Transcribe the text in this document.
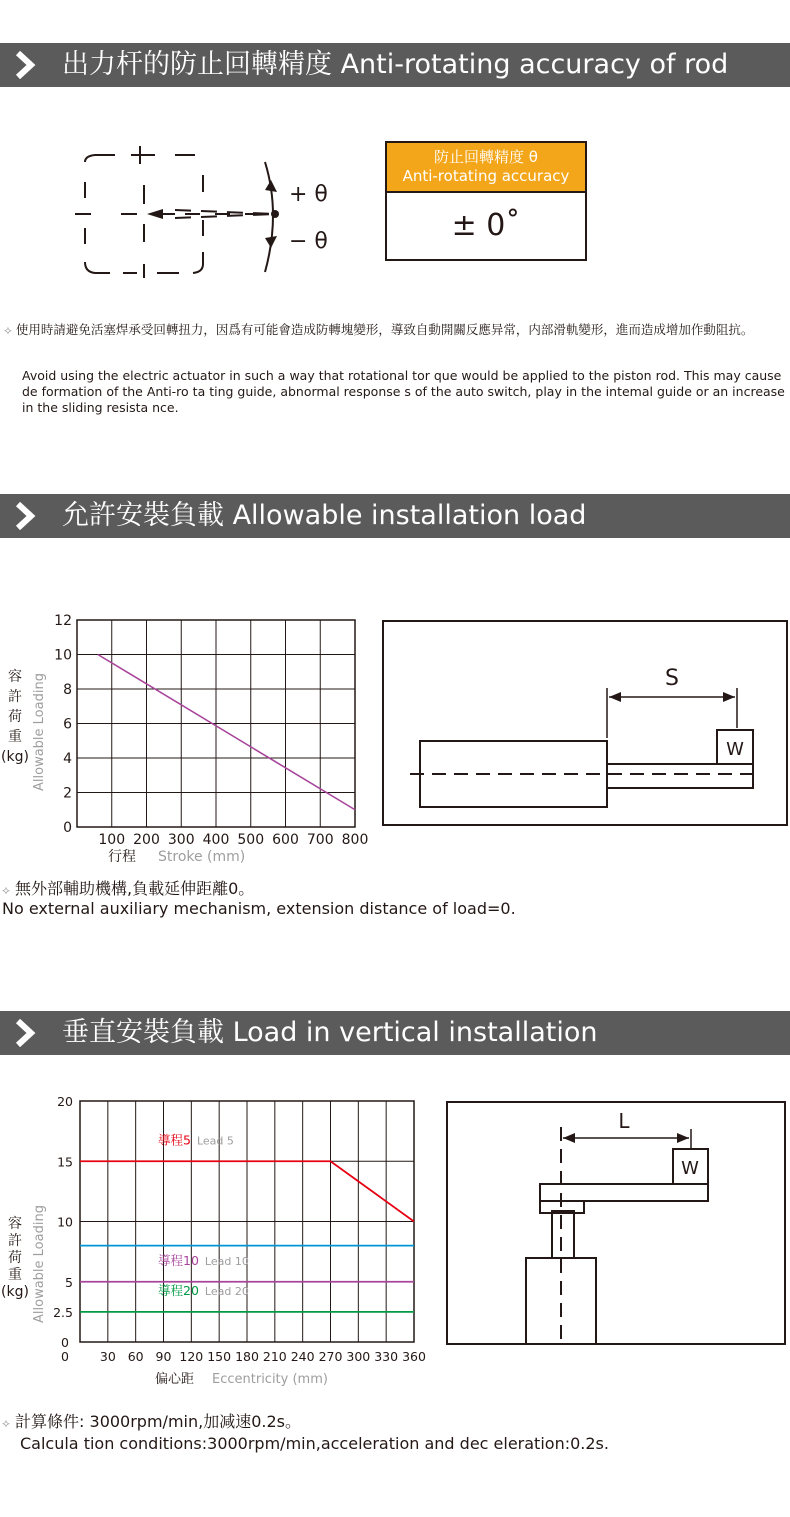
出力杆的防止回轉精度 Anti-rotating accuracy of rod
+ θ
− θ
防止回轉精度 θ
Anti-rotating accuracy
± 0˚
⟡ 使用時請避免活塞焊承受回轉扭力，因爲有可能會造成防轉塊變形，導致自動開關反應异常，内部滑軌變形，進而造成增加作動阻抗。
Avoid using the electric actuator in such a way that rotational tor que would be applied to the piston rod. This may cause de formation of the Anti-ro ta ting guide, abnormal response s of the auto switch, play in the intemal guide or an increase in the sliding resista nce.
允許安裝負載 Allowable installation load
100 200 300 400 500 600 700 800
0
2
4
6
8
10
12
Allowable Loading
容
許
荷
重
(kg)
行程 Stroke (mm)
W
S
⟡ 無外部輔助機構,負載延伸距離0。
No external auxiliary mechanism, extension distance of load=0.
垂直安裝負載 Load in vertical installation
0 30 60 90 120 150 180 210 240 270 300 330 360
2.5
5
10
15
20
0
導程5 Lead 5
導程10 Lead 10
導程20 Lead 20
Allowable Loading
容
許
荷
重
(kg)
偏心距 Eccentricity (mm)
W
L
⟡ 計算條件: 3000rpm/min,加减速0.2s。
Calcula tion conditions:3000rpm/min,acceleration and dec eleration:0.2s.
